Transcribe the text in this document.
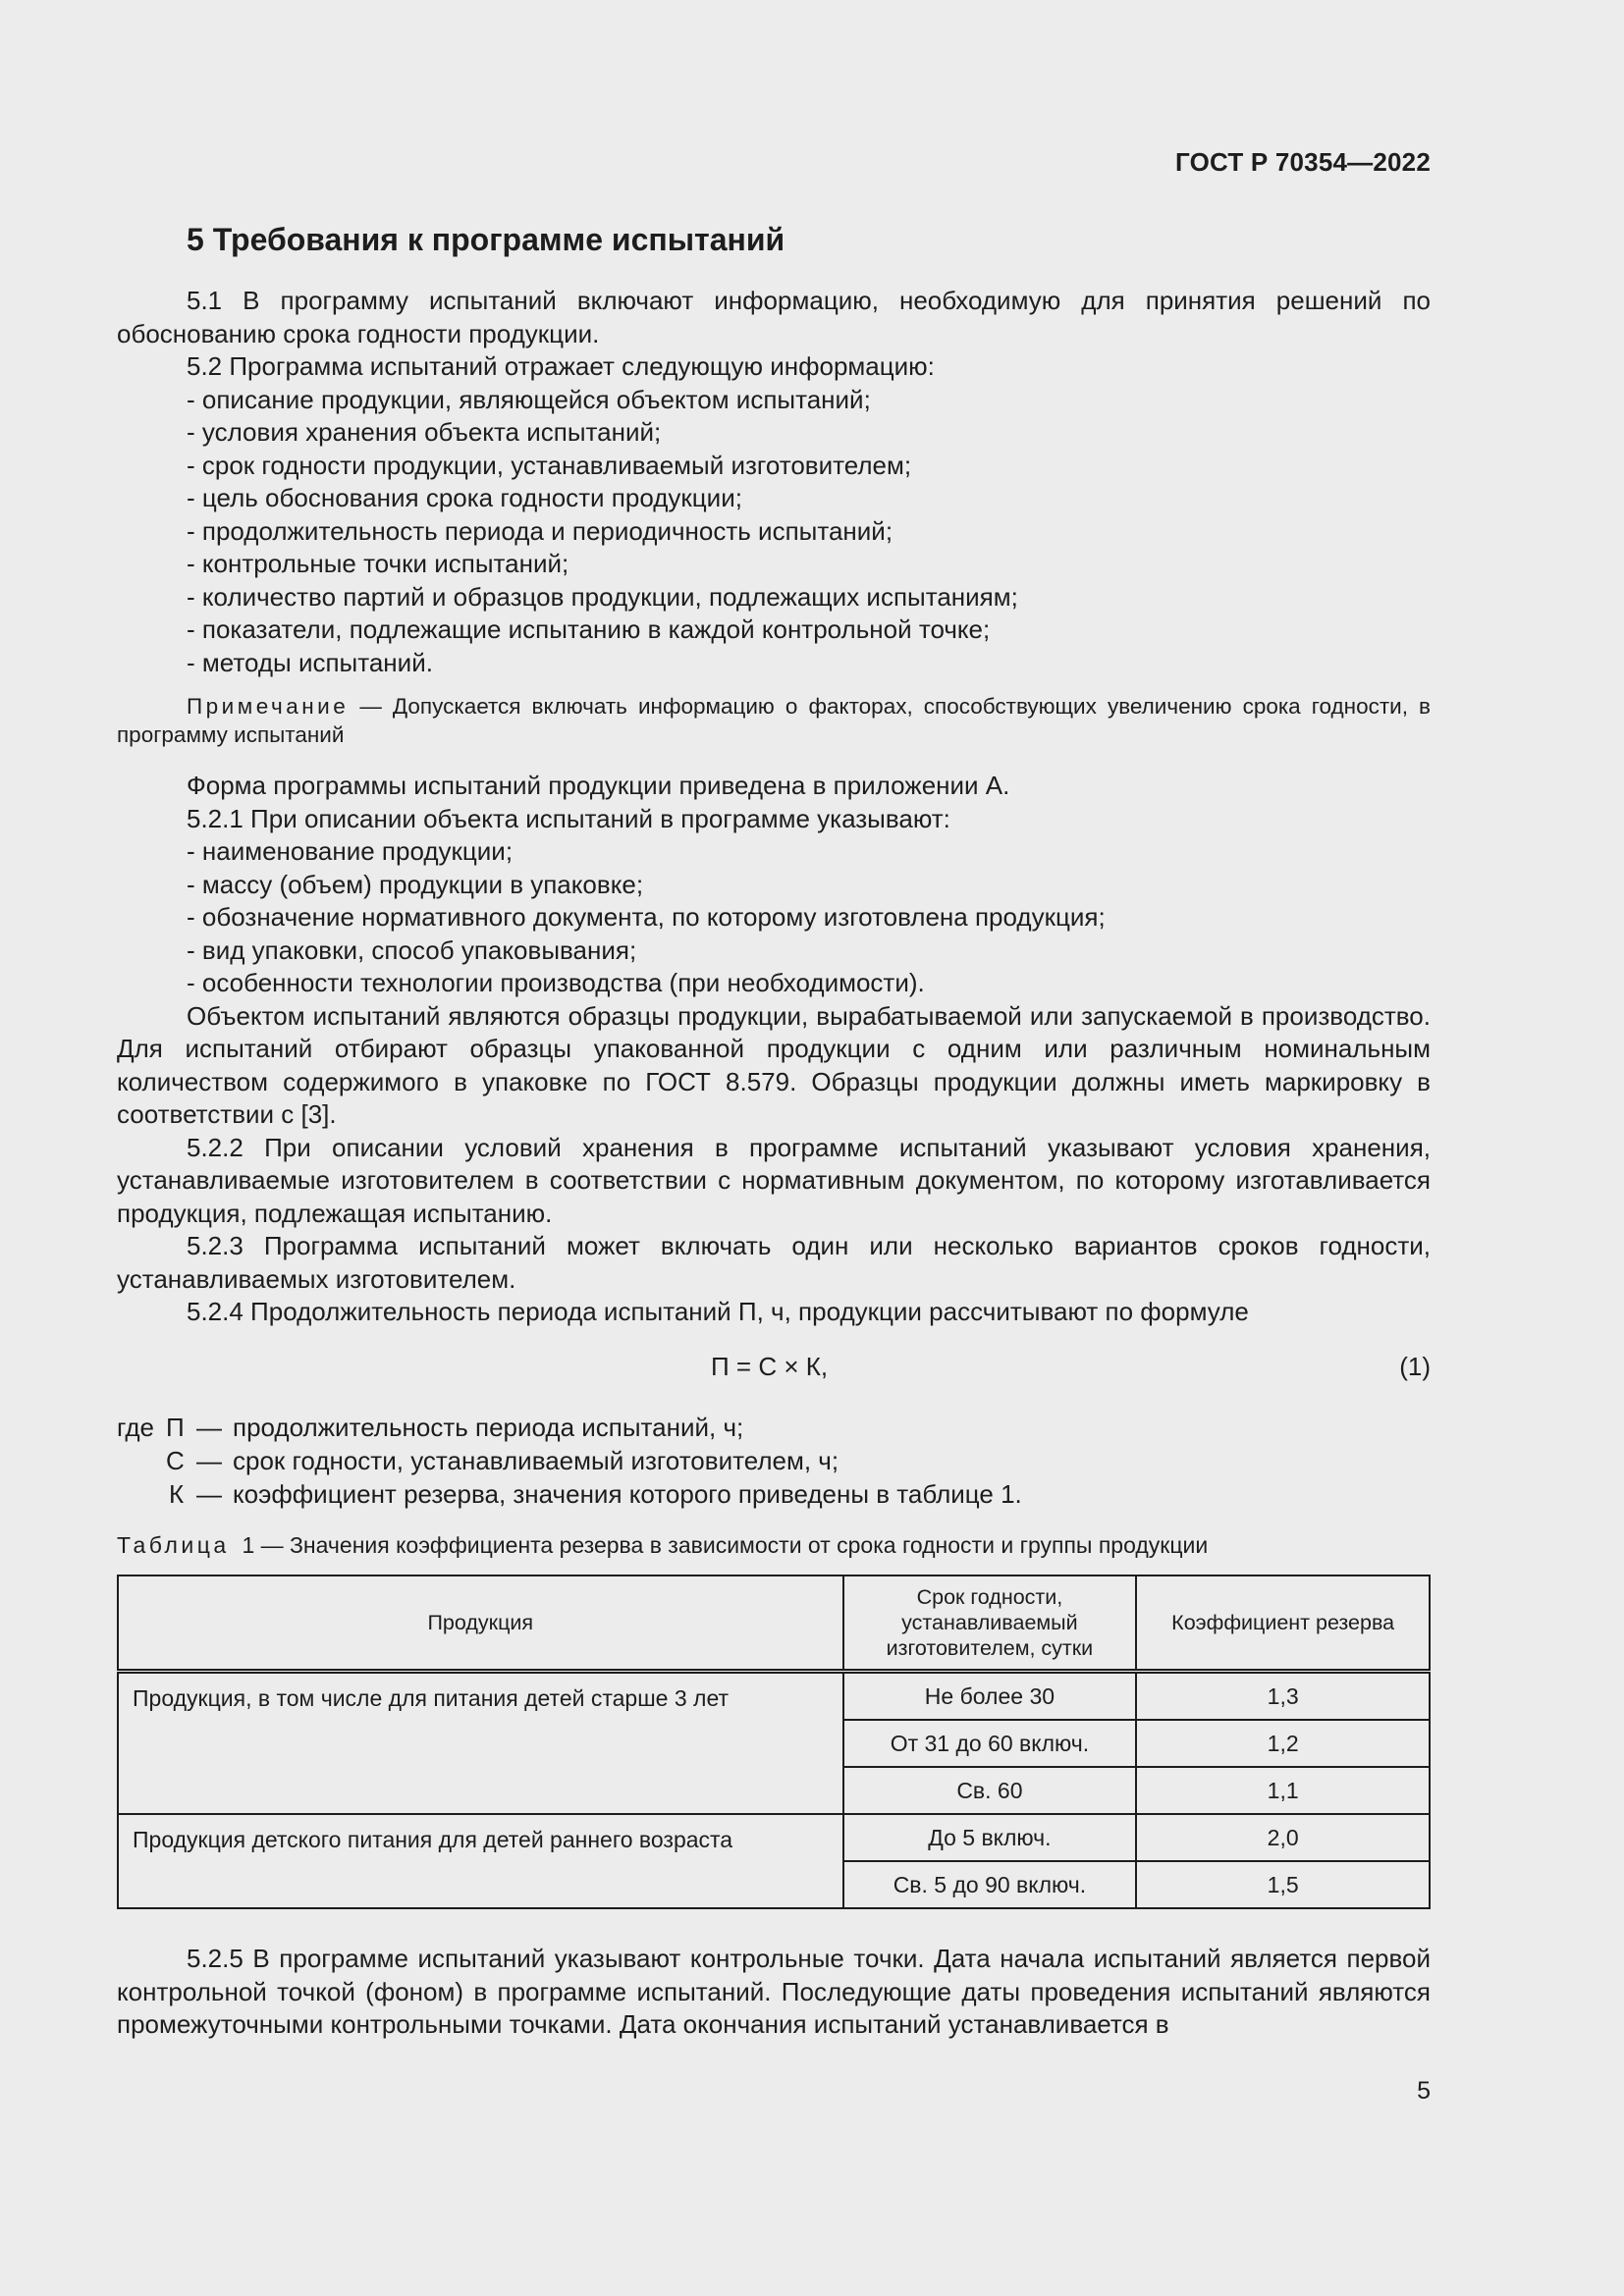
ГОСТ Р 70354—2022
5 Требования к программе испытаний

5.1 В программу испытаний включают информацию, необходимую для принятия решений по обоснованию срока годности продукции.

5.2 Программа испытаний отражает следующую информацию:

- описание продукции, являющейся объектом испытаний;

- условия хранения объекта испытаний;

- срок годности продукции, устанавливаемый изготовителем;

- цель обоснования срока годности продукции;

- продолжительность периода и периодичность испытаний;

- контрольные точки испытаний;

- количество партий и образцов продукции, подлежащих испытаниям;

- показатели, подлежащие испытанию в каждой контрольной точке;

- методы испытаний.

Примечание — Допускается включать информацию о факторах, способствующих увеличению срока годности, в программу испытаний

Форма программы испытаний продукции приведена в приложении А.

5.2.1 При описании объекта испытаний в программе указывают:

- наименование продукции;

- массу (объем) продукции в упаковке;

- обозначение нормативного документа, по которому изготовлена продукция;

- вид упаковки, способ упаковывания;

- особенности технологии производства (при необходимости).

Объектом испытаний являются образцы продукции, вырабатываемой или запускаемой в производство. Для испытаний отбирают образцы упакованной продукции с одним или различным номинальным количеством содержимого в упаковке по ГОСТ 8.579. Образцы продукции должны иметь маркировку в соответствии с [3].

5.2.2 При описании условий хранения в программе испытаний указывают условия хранения, устанавливаемые изготовителем в соответствии с нормативным документом, по которому изготавливается продукция, подлежащая испытанию.

5.2.3 Программа испытаний может включать один или несколько вариантов сроков годности, устанавливаемых изготовителем.

5.2.4 Продолжительность периода испытаний П, ч, продукции рассчитывают по формуле

П = С × К,	(1)
где П — продолжительность периода испытаний, ч;
С — срок годности, устанавливаемый изготовителем, ч;
К — коэффициент резерва, значения которого приведены в таблице 1.
Таблица 1 — Значения коэффициента резерва в зависимости от срока годности и группы продукции
Продукция	Срок годности, устанавливаемый изготовителем, сутки	Коэффициент резерва
Продукция, в том числе для питания детей старше 3 лет	Не более 30	1,3
	От 31 до 60 включ.	1,2
	Св. 60	1,1
Продукция детского питания для детей раннего возраста	До 5 включ.	2,0
	Св. 5 до 90 включ.	1,5

5.2.5 В программе испытаний указывают контрольные точки. Дата начала испытаний является первой контрольной точкой (фоном) в программе испытаний. Последующие даты проведения испытаний являются промежуточными контрольными точками. Дата окончания испытаний устанавливается в

5
